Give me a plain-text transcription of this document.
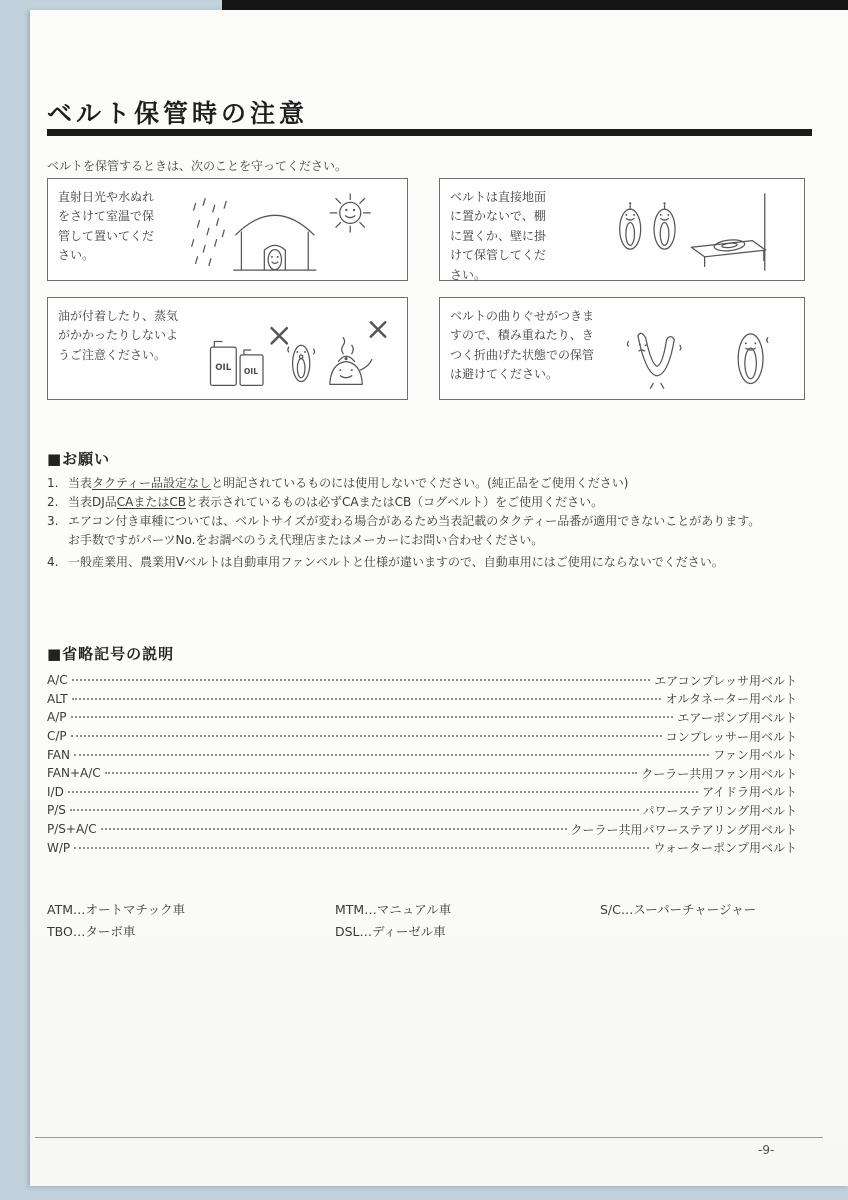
ベルト保管時の注意

ベルトを保管するときは、次のことを守ってください。

直射日光や水ぬれをさけて室温で保管して置いてください。

ベルトは直接地面に置かないで、棚に置くか、壁に掛けて保管してください。

油が付着したり、蒸気がかかったりしないようご注意ください。

OIL OIL

ベルトの曲りぐせがつきますので、積み重ねたり、きつく折曲げた状態での保管は避けてください。

■お願い
1. 当表タクティー品設定なしと明記されているものには使用しないでください。(純正品をご使用ください)
2. 当表DJ品CAまたはCBと表示されているものは必ずCAまたはCB（コグベルト）をご使用ください。
3. エアコン付き車種については、ベルトサイズが変わる場合があるため当表記載のタクティー品番が適用できないことがあります。
お手数ですがパーツNo.をお調べのうえ代理店またはメーカーにお問い合わせください。
4. 一般産業用、農業用Vベルトは自動車用ファンベルトと仕様が違いますので、自動車用にはご使用にならないでください。
■省略記号の説明
A/C	エアコンプレッサ用ベルト
ALT	オルタネーター用ベルト
A/P	エアーポンプ用ベルト
C/P	コンプレッサー用ベルト
FAN	ファン用ベルト
FAN+A/C	クーラー共用ファン用ベルト
I/D	アイドラ用ベルト
P/S	パワーステアリング用ベルト
P/S+A/C	クーラー共用パワーステアリング用ベルト
W/P	ウォーターポンプ用ベルト
ATM…オートマチック車	MTM…マニュアル車	S/C…スーパーチャージャー
TBO…ターボ車	DSL…ディーゼル車
-9-
